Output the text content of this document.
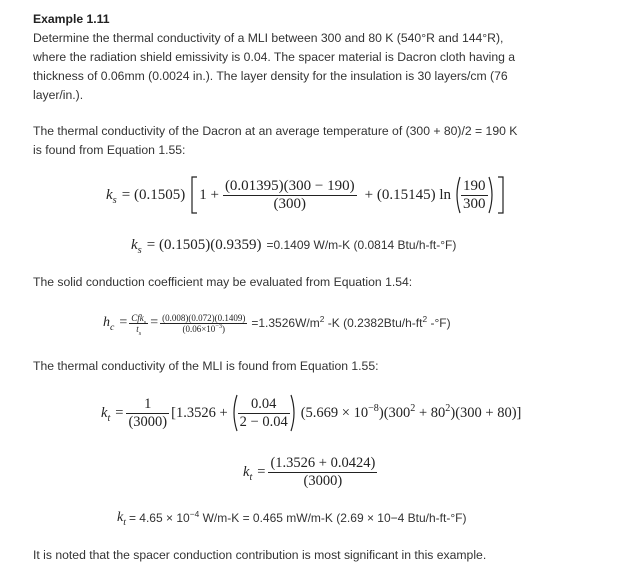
Example 1.11
Determine the thermal conductivity of a MLI between 300 and 80 K (540°R and 144°R),
where the radiation shield emissivity is 0.04. The spacer material is Dacron cloth having a
thickness of 0.06mm (0.0024 in.). The layer density for the insulation is 30 layers/cm (76
layer/in.).
The thermal conductivity of the Dacron at an average temperature of (300 + 80)/2 = 190 K
is found from Equation 1.55:
$k_s = (0.1505) 1 + \frac{(0.01395)(300 - 190)}{(300)} + (0.15145)$ $\ln \frac{190}{300}$
$k_s = (0.1505)(0.9359) =0.1409$ W/m-K (0.0814 Btu/h-ft-°F)
The solid conduction coefficient may be evaluated from Equation 1.54:
$h_c = \frac{Cfk_s}{t_s} = \frac{(0.008)(0.072)(0.1409)}{(0.06\times 10^{-3})} =1.3526W/m^2$ -K ($0.2382Btu/h-ft^2$ -°F)
The thermal conductivity of the MLI is found from Equation 1.55:
$k_t = \frac{1}{(3000)} [1.3526 + \frac{0.04}{2 - 0.04} (5.669 \times 10^{-8})(300^2 + 80^2)(300 + 80)]$
$k_t = \frac{(1.3526 + 0.0424)}{(3000)}$
$k_t = 4.65 \times 10^{-4}$ W/m-K = 0.465 mW/m-K (2.69 × 10−4 Btu/h-ft-°F)
It is noted that the spacer conduction contribution is most significant in this example.
